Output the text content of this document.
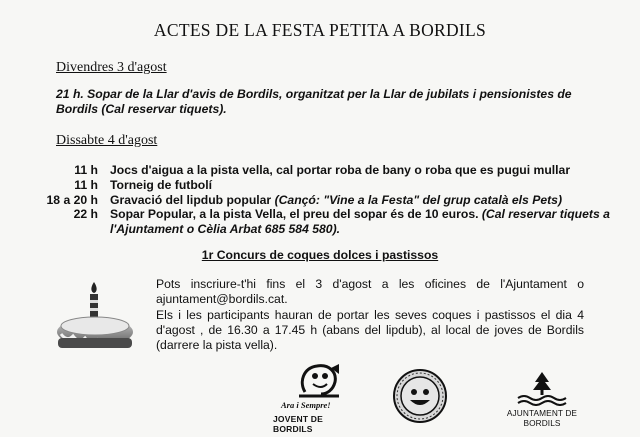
ACTES DE LA FESTA PETITA A BORDILS
Divendres 3 d'agost
21 h. Sopar de la Llar d'avis de Bordils, organitzat per la Llar de jubilats i pensionistes de Bordils (Cal reservar tiquets).
Dissabte 4 d'agost
11 h Jocs d'aigua a la pista vella, cal portar roba de bany o roba que es pugui mullar
11 h Torneig de futbolí
18 a 20 h Gravació del lipdub popular (Cançó: "Vine a la Festa" del grup català els Pets)
22 h Sopar Popular, a la pista Vella, el preu del sopar és de 10 euros. (Cal reservar tiquets a l'Ajuntament o Cèlia Arbat 685 584 580).
1r Concurs de coques dolces i pastissos

Pots inscriure-t'hi fins el 3 d'agost a les oficines de l'Ajuntament o ajuntament@bordils.cat.

Els i les participants hauran de portar les seves coques i pastissos el dia 4 d'agost , de 16.30 a 17.45 h (abans del lipdub), al local de joves de Bordils (darrere la pista vella).

Ara i Sempre!
JOVENT DE BORDILS
AJUNTAMENT DE BORDILS
